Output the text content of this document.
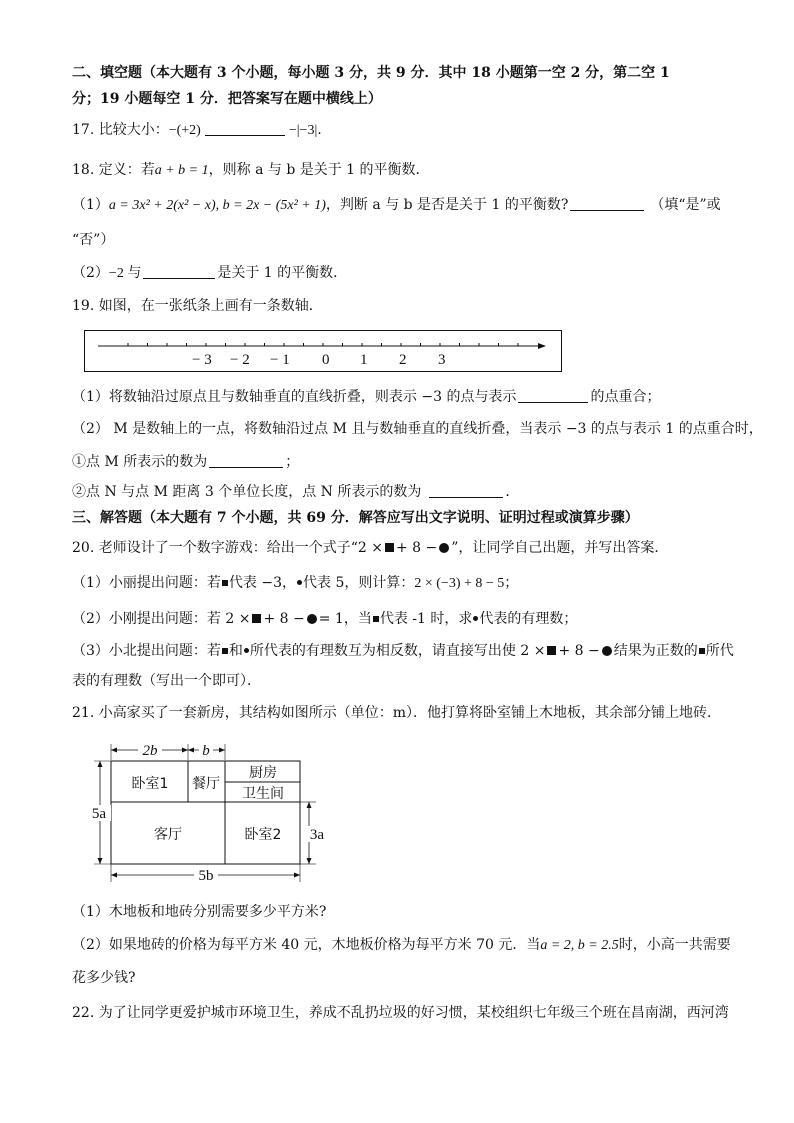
二、填空题（本大题有 3 个小题，每小题 3 分，共 9 分．其中 18 小题第一空 2 分，第二空 1
分；19 小题每空 1 分．把答案写在题中横线上）
17. 比较大小：−(+2)	−|−3|.
18. 定义：若a + b = 1，则称 a 与 b 是关于 1 的平衡数．
（1）a = 3x² + 2(x² − x), b = 2x − (5x² + 1)，判断 a 与 b 是否是关于 1 的平衡数?	（填“是”或
“否”）
（2）−2 与	是关于 1 的平衡数．
19. 如图，在一张纸条上画有一条数轴．
− 3 − 2 − 1 0 1 2 3
（1）将数轴沿过原点且与数轴垂直的直线折叠，则表示 −3 的点与表示	的点重合；
（2） M 是数轴上的一点，将数轴沿过点 M 且与数轴垂直的直线折叠，当表示 −3 的点与表示 1 的点重合时，
①点 M 所表示的数为	；
②点 N 与点 M 距离 3 个单位长度，点 N 所表示的数为	．
三、解答题（本大题有 7 个小题，共 69 分．解答应写出文字说明、证明过程或演算步骤）
20. 老师设计了一个数字游戏：给出一个式子“2 × + 8 − ”，让同学自己出题，并写出答案．
（1）小丽提出问题：若 代表 −3， 代表 5，则计算：2 × (−3) + 8 − 5；
（2）小刚提出问题：若 2 × + 8 − = 1，当 代表 -1 时，求 代表的有理数；
（3）小北提出问题：若 和 所代表的有理数互为相反数，请直接写出使 2 × + 8 − 结果为正数的 所代
表的有理数（写出一个即可）．
21. 小高家买了一套新房，其结构如图所示（单位：m）．他打算将卧室铺上木地板，其余部分铺上地砖．
2b	b
卧室1 餐厅
厨房
卫生间
客厅	卧室2
5a
3a
5b
（1）木地板和地砖分别需要多少平方米?
（2）如果地砖的价格为每平方米 40 元，木地板价格为每平方米 70 元．当a = 2, b = 2.5时，小高一共需要
花多少钱?
22. 为了让同学更爱护城市环境卫生，养成不乱扔垃圾的好习惯，某校组织七年级三个班在昌南湖，西河湾
